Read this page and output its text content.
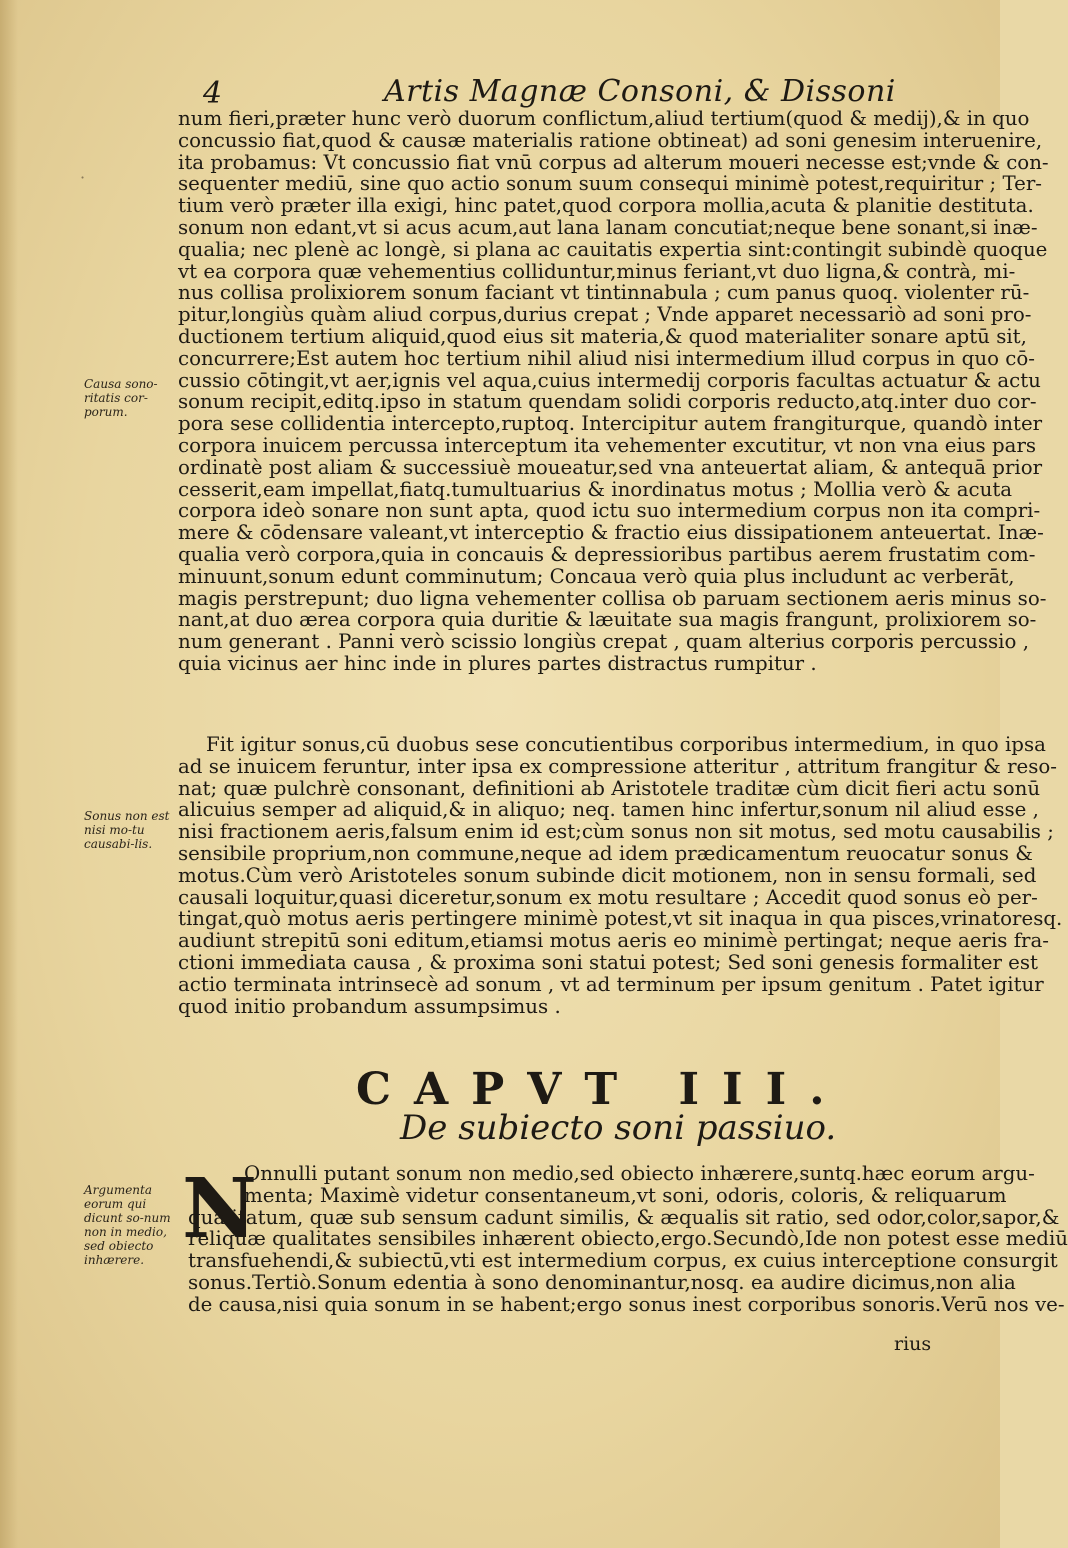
·
4	Artis Magnæ Consoni, & Dissoni
num fieri,præter hunc verò duorum conflictum,aliud tertium(quod & medij),& in quo
concussio fiat,quod & causæ materialis ratione obtineat) ad soni genesim interuenire,
ita probamus: Vt concussio fiat vnū corpus ad alterum moueri necesse est;vnde & con-
sequenter mediū, sine quo actio sonum suum consequi minimè potest,requiritur ; Ter-
tium verò præter illa exigi, hinc patet,quod corpora mollia,acuta & planitie destituta.
sonum non edant,vt si acus acum,aut lana lanam concutiat;neque bene sonant,si inæ-
qualia; nec plenè ac longè, si plana ac cauitatis expertia sint:contingit subindè quoque
vt ea corpora quæ vehementius colliduntur,minus feriant,vt duo ligna,& contrà, mi-
nus collisa prolixiorem sonum faciant vt tintinnabula ; cum panus quoq. violenter rū-
pitur,longiùs quàm aliud corpus,durius crepat ; Vnde apparet necessariò ad soni pro-
ductionem tertium aliquid,quod eius sit materia,& quod materialiter sonare aptū sit,
concurrere;Est autem hoc tertium nihil aliud nisi intermedium illud corpus in quo cō-
cussio cōtingit,vt aer,ignis vel aqua,cuius intermedij corporis facultas actuatur & actu
sonum recipit,editq.ipso in statum quendam solidi corporis reducto,atq.inter duo cor-
pora sese collidentia intercepto,ruptoq. Intercipitur autem frangiturque, quandò inter
corpora inuicem percussa interceptum ita vehementer excutitur, vt non vna eius pars
ordinatè post aliam & successiuè moueatur,sed vna anteuertat aliam, & antequā prior
cesserit,eam impellat,fiatq.tumultuarius & inordinatus motus ; Mollia verò & acuta
corpora ideò sonare non sunt apta, quod ictu suo intermedium corpus non ita compri-
mere & cōdensare valeant,vt interceptio & fractio eius dissipationem anteuertat. Inæ-
qualia verò corpora,quia in concauis & depressioribus partibus aerem frustatim com-
minuunt,sonum edunt comminutum; Concaua verò quia plus includunt ac verberāt,
magis perstrepunt; duo ligna vehementer collisa ob paruam sectionem aeris minus so-
nant,at duo ærea corpora quia duritie & læuitate sua magis frangunt, prolixiorem so-
num generant . Panni verò scissio longiùs crepat , quam alterius corporis percussio ,
quia vicinus aer hinc inde in plures partes distractus rumpitur .
Fit igitur sonus,cū duobus sese concutientibus corporibus intermedium, in quo ipsa
ad se inuicem feruntur, inter ipsa ex compressione atteritur , attritum frangitur & reso-
nat; quæ pulchrè consonant, definitioni ab Aristotele traditæ cùm dicit fieri actu sonū
alicuius semper ad aliquid,& in aliquo; neq. tamen hinc infertur,sonum nil aliud esse ,
nisi fractionem aeris,falsum enim id est;cùm sonus non sit motus, sed motu causabilis ;
sensibile proprium,non commune,neque ad idem prædicamentum reuocatur sonus &
motus.Cùm verò Aristoteles sonum subinde dicit motionem, non in sensu formali, sed
causali loquitur,quasi diceretur,sonum ex motu resultare ; Accedit quod sonus eò per-
tingat,quò motus aeris pertingere minimè potest,vt sit inaqua in qua pisces,vrinatoresq.
audiunt strepitū soni editum,etiamsi motus aeris eo minimè pertingat; neque aeris fra-
ctioni immediata causa , & proxima soni statui potest; Sed soni genesis formaliter est
actio terminata intrinsecè ad sonum , vt ad terminum per ipsum genitum . Patet igitur
quod initio probandum assumpsimus .
Causa sono-ritatis cor-porum.
Sonus non est nisi mo-tu causabi-lis.
Argumenta eorum qui dicunt so-num non in medio, sed obiecto inhærere.
CAPVT III.
De subiecto soni passiuo.
N
Onnulli putant sonum non medio,sed obiecto inhærere,suntq.hæc eorum argu-
menta; Maximè videtur consentaneum,vt soni, odoris, coloris, & reliquarum
qualitatum, quæ sub sensum cadunt similis, & æqualis sit ratio, sed odor,color,sapor,&
reliquæ qualitates sensibiles inhærent obiecto,ergo.Secundò,Ide non potest esse mediū
transfuehendi,& subiectū,vti est intermedium corpus, ex cuius interceptione consurgit
sonus.Tertiò.Sonum edentia à sono denominantur,nosq. ea audire dicimus,non alia
de causa,nisi quia sonum in se habent;ergo sonus inest corporibus sonoris.Verū nos ve-
rius
